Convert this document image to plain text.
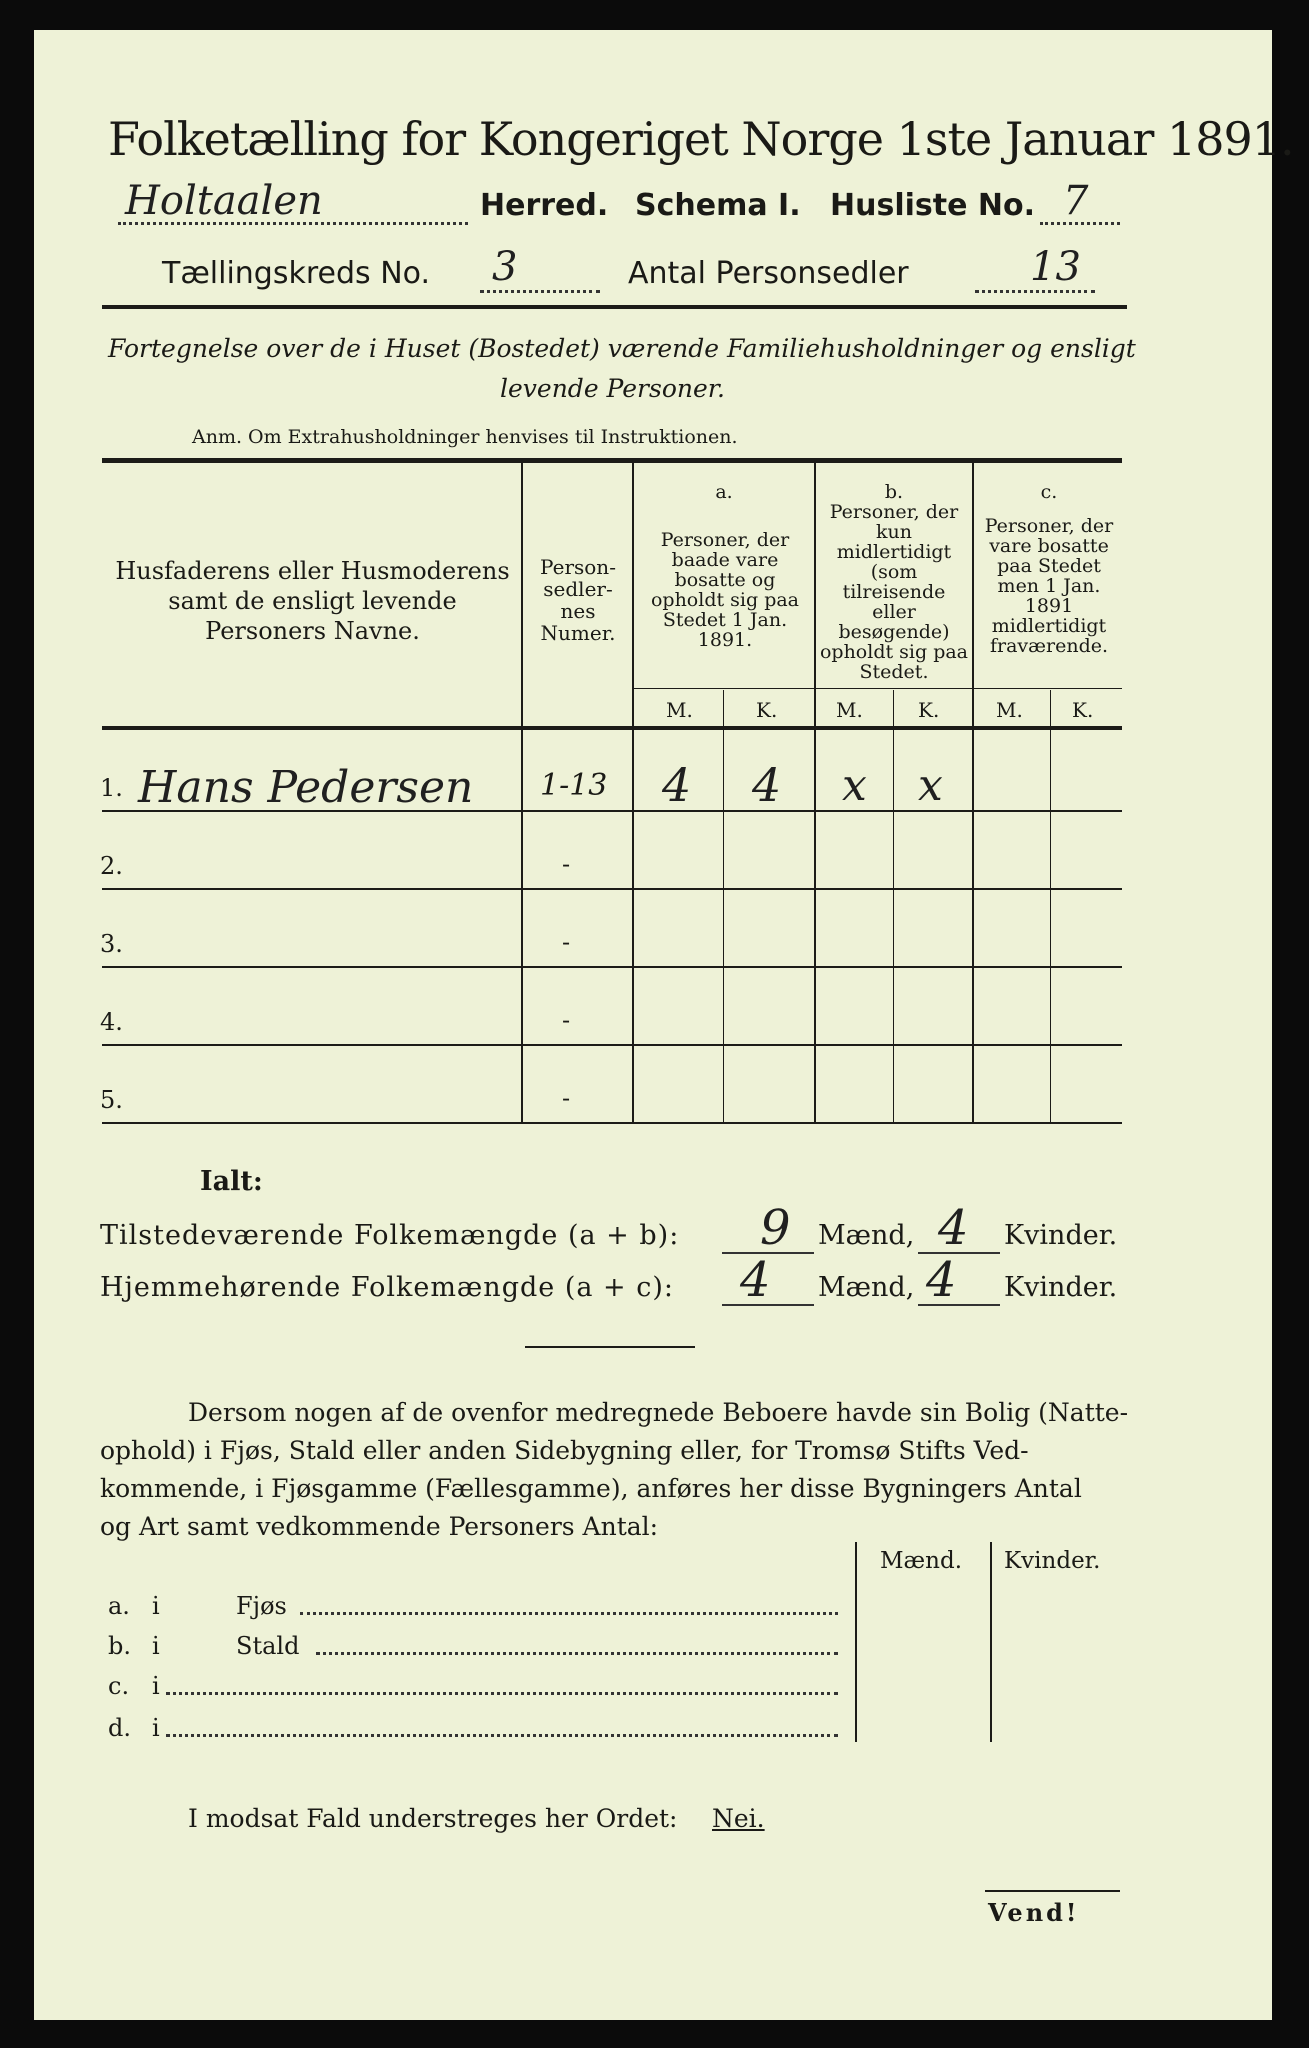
Folketælling for Kongeriget Norge 1ste Januar 1891.
Holtaalen	Herred. Schema I. Husliste No. 7
Tællingskreds No. 3	Antal Personsedler	13
Fortegnelse over de i Huset (Bostedet) værende Familiehusholdninger og ensligt
levende Personer.
Anm. Om Extrahusholdninger henvises til Instruktionen.
Husfaderens eller Husmoderens samt de ensligt levende Personers Navne.
Person-sedler-nes Numer.
a.
Personer, der baade vare bosatte og opholdt sig paa Stedet 1 Jan. 1891.
b.
Personer, der kun midlertidigt (som tilreisende eller besøgende) opholdt sig paa Stedet.
c.
Personer, der vare bosatte paa Stedet men 1 Jan. 1891 midlertidigt fraværende.
M.	K.	M.	K.	M. K.
1. Hans Pedersen 1-13 4 4 x x
2.	-
3.	-
4.	-
5.	-
Ialt:
Tilstedeværende Folkemængde (a + b): 9 Mænd, 4 Kvinder.
Hjemmehørende Folkemængde (a + c): 4 Mænd, 4 Kvinder.
Dersom nogen af de ovenfor medregnede Beboere havde sin Bolig (Natte-
ophold) i Fjøs, Stald eller anden Sidebygning eller, for Tromsø Stifts Ved-
kommende, i Fjøsgamme (Fællesgamme), anføres her disse Bygningers Antal
og Art samt vedkommende Personers Antal:
Mænd. Kvinder.
a. i	Fjøs
b. i	Stald
c. i
d. i
I modsat Fald understreges her Ordet: Nei.
Vend!
